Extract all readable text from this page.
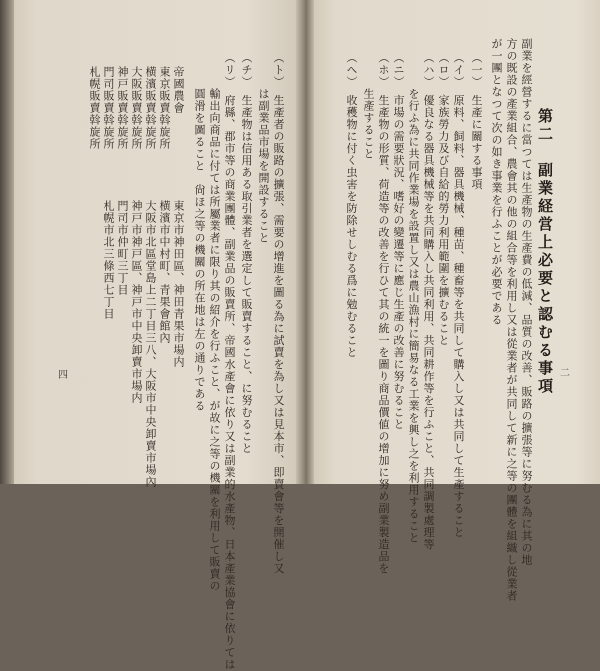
二
第二　副業経営上必要と認むる事項
副業を經營するに當つては生產物の生產費の低減、品質の改善、販路の擴張等に努むる為に其の地
方の既設の產業組合、農會其の他の組合等を利用し又は從業者が共同して新に之等の團體を組織し從業者
が一團となつて次の如き事業を行ふことが必要である
（一）　生產に關する事項
（イ）　原料、飼料、器具機械、種苗、種畜等を共同して購入し又は共同して生產すること
（ロ）　家族勞力及び自給的勞力利用範圍を擴むること
（ハ）　優良なる器具機械等を共同購入し共同利用、共同耕作等を行ふこと、共同調製處理等
　　　を行ふ為に共同作業場を設置し又は農山漁村に簡易なる工業を興し之を利用すること
（ニ）　市場の需要狀況、嗜好の變遷等に應じ生產の改善に努むること
（ホ）　生產物の形質、荷造等の改善を行ひて其の統一を圖り商品價値の增加に努め副業製造品を
　　　生產すること
（ヘ）　收穫物に付く虫害を防除せしむる爲に勉むること
四	（ト）　生產者の販路の擴張、需要の增進を圖る為に試賣を為し又は見本市、即賣會等を開催し又
　　　は副業品市場を開設すること
（チ）　生產物は信用ある取引業者を選定して販賣すること、に努むること
（リ）　府縣、郡市等の商業團體、副業品の販賣所、帝國水產會に依り又は副業的水產物、日本產業協會に依りては
　　　輸出向商品に付ては所屬業者に限り其の紹介を行ふこと、が故に之等の機關を利用して販賣の
　　　圓滑を圖ること　尙ほ之等の機關の所在地は左の通りである
帝國農會
東京販賣斡旋所
横濱販賣斡旋所
大阪販賣斡旋所
神戸販賣斡旋所
門司販賣斡旋所
札幌販賣斡旋所
東京市神田區、神田青果市場内
横濱市中村町、青果會館內
大阪市北區堂島上二丁目三八、大阪市中央卸賣市場內
神戸市神戸區、神戸市中央卸賣市場内
門司市仲町三丁目
札幌市北三條西七丁目
